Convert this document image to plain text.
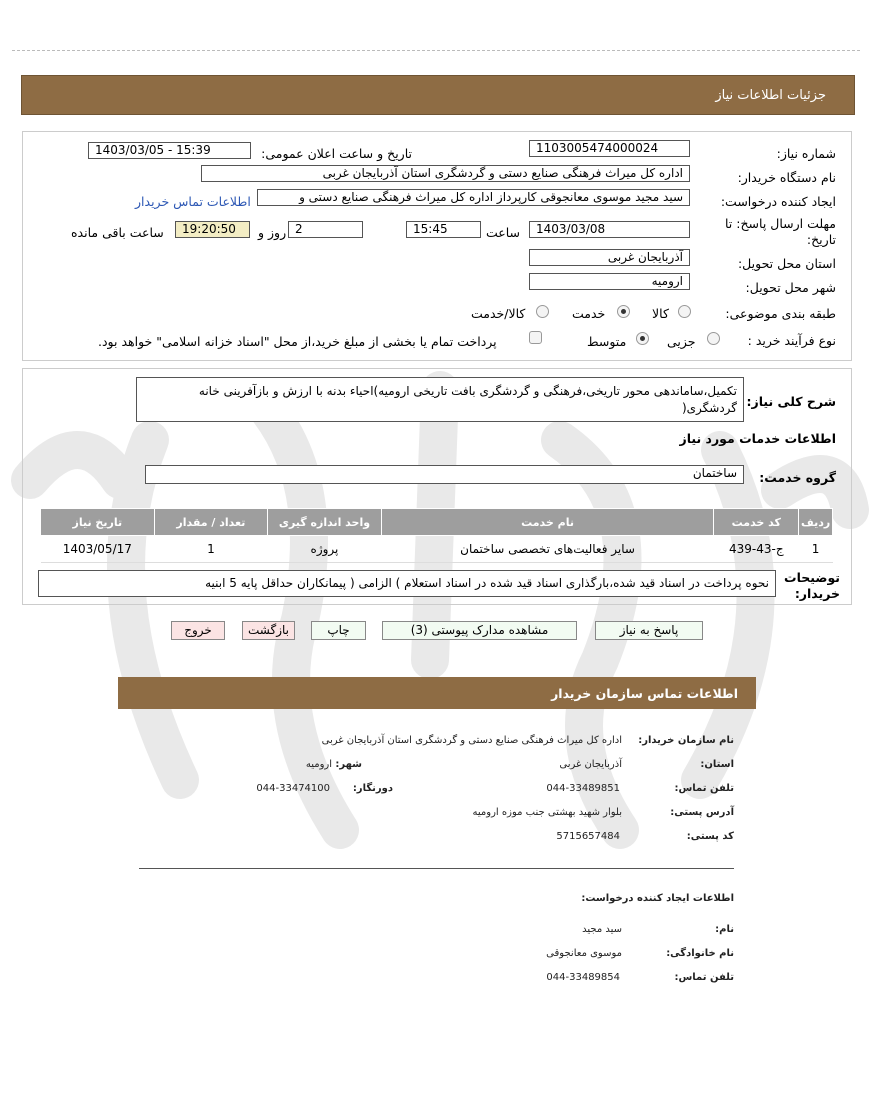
جزئیات اطلاعات نیاز
شماره نیاز:
1103005474000024
تاریخ و ساعت اعلان عمومی:
1403/03/05 - 15:39
نام دستگاه خریدار:
اداره کل میراث فرهنگی صنایع دستی و گردشگری استان آذربایجان غربی
ایجاد کننده درخواست:
سید مجید موسوی معانجوقی کارپرداز اداره کل میراث فرهنگی صنایع دستی و
اطلاعات تماس خریدار
مهلت ارسال پاسخ: تا تاریخ:
1403/03/08
ساعت
15:45
2
روز و
19:20:50
ساعت باقی مانده
استان محل تحویل:
آذربایجان غربی
شهر محل تحویل:
ارومیه
طبقه بندی موضوعی:
کالا
خدمت
کالا/خدمت
نوع فرآیند خرید :
جزیی
متوسط
پرداخت تمام یا بخشی از مبلغ خرید،از محل "اسناد خزانه اسلامی" خواهد بود.
شرح کلی نیاز:
تکمیل،ساماندهی محور تاریخی،فرهنگی و گردشگری بافت تاریخی ارومیه)احیاء بدنه با ارزش و بازآفرینی خانه گردشگری(
اطلاعات خدمات مورد نیاز
گروه خدمت:
ساختمان
ردیف	کد خدمت	نام خدمت	واحد اندازه گیری	تعداد / مقدار	تاریخ نیاز
1	ج-43-439	سایر فعالیت‌های تخصصی ساختمان	پروژه	1	1403/05/17
توضیحات خریدار:
نحوه پرداخت در اسناد قید شده،بارگذاری اسناد قید شده در اسناد استعلام ) الزامی ( پیمانکاران حداقل پایه 5 ابنیه
پاسخ به نیاز
مشاهده مدارک پیوستی (3)
چاپ
بازگشت
خروج
اطلاعات تماس سازمان خریدار
نام سازمان خریدار:
اداره کل میراث فرهنگی صنایع دستی و گردشگری استان آذربایجان غربی
استان:
آذربایجان غربی
شهر:
ارومیه
تلفن تماس:
044-33489851
دورنگار:
044-33474100
آدرس پستی:
بلوار شهید بهشتی جنب موزه ارومیه
کد پستی:
5715657484
اطلاعات ایجاد کننده درخواست:
نام:
سید مجید
نام خانوادگی:
موسوی معانجوقی
تلفن تماس:
044-33489854
